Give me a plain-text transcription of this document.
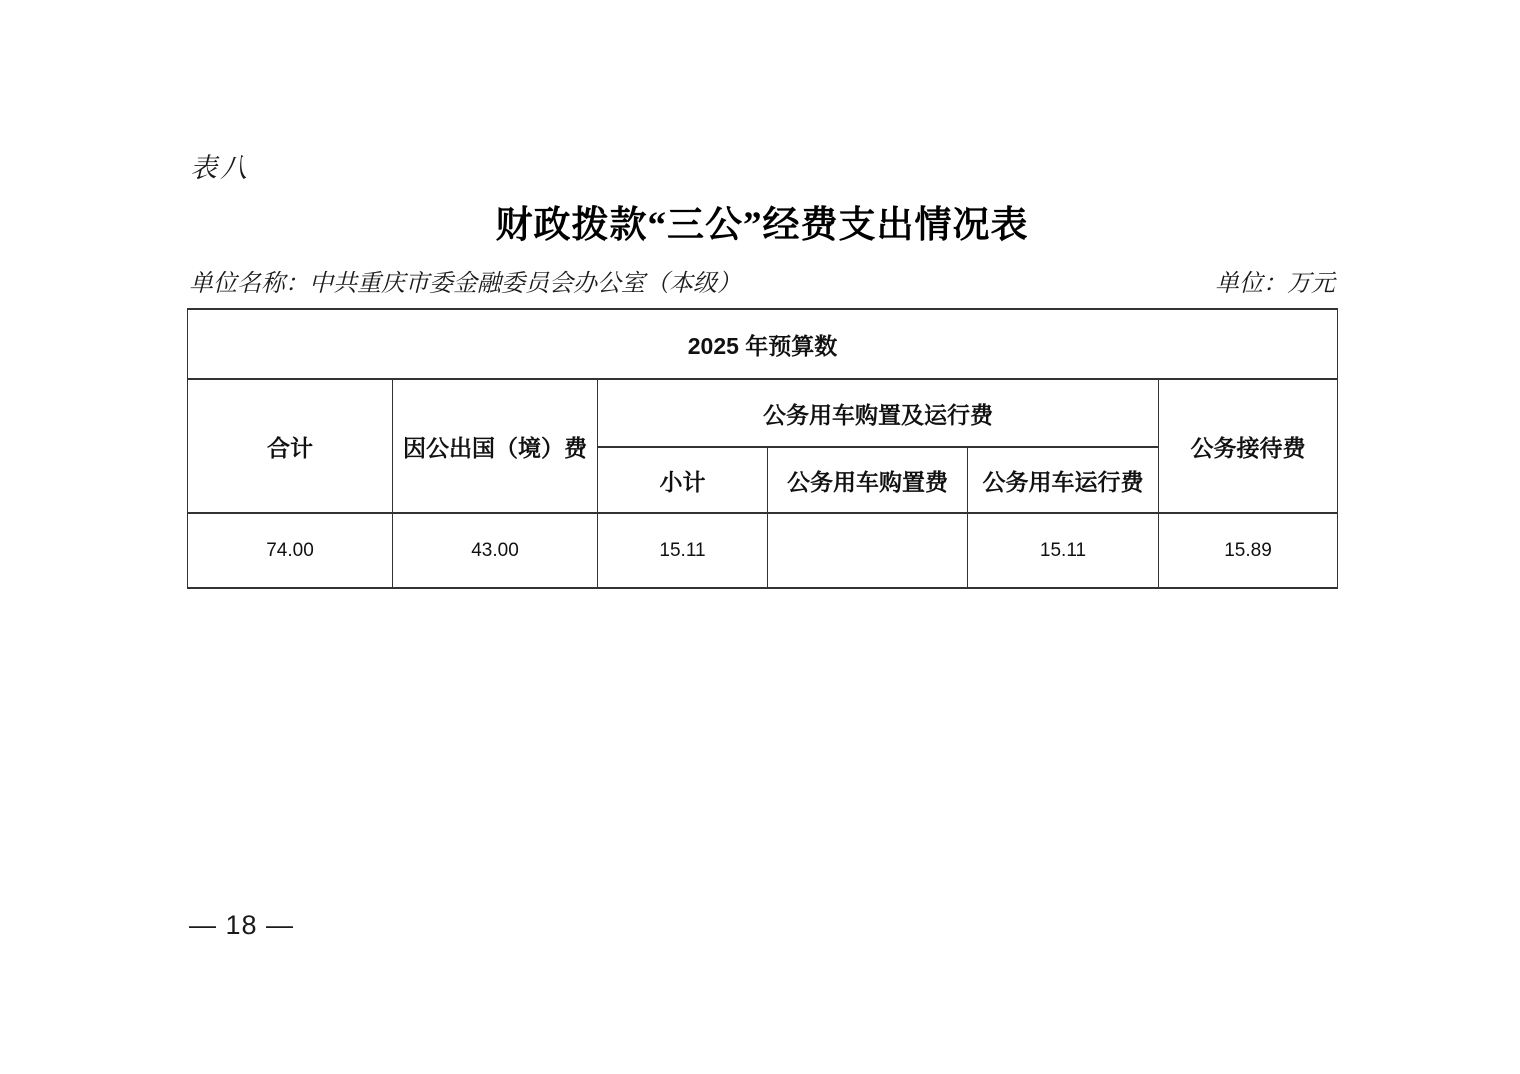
表八
财政拨款“三公”经费支出情况表
单位名称：中共重庆市委金融委员会办公室（本级）	单位：万元
2025 年预算数					
合计	因公出国（境）费	公务用车购置及运行费			公务接待费
		小计	公务用车购置费	公务用车运行费	
74.00	43.00	15.11		15.11	15.89
— 18 —
